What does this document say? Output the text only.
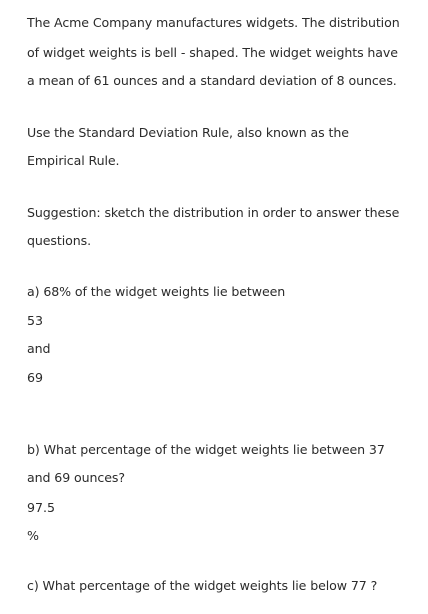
The Acme Company manufactures widgets. The distribution
of widget weights is bell - shaped. The widget weights have
a mean of 61 ounces and a standard deviation of 8 ounces.
Use the Standard Deviation Rule, also known as the
Empirical Rule.
Suggestion: sketch the distribution in order to answer these
questions.
a) 68% of the widget weights lie between
53
and
69
b) What percentage of the widget weights lie between 37
and 69 ounces?
97.5
%
c) What percentage of the widget weights lie below 77 ?
